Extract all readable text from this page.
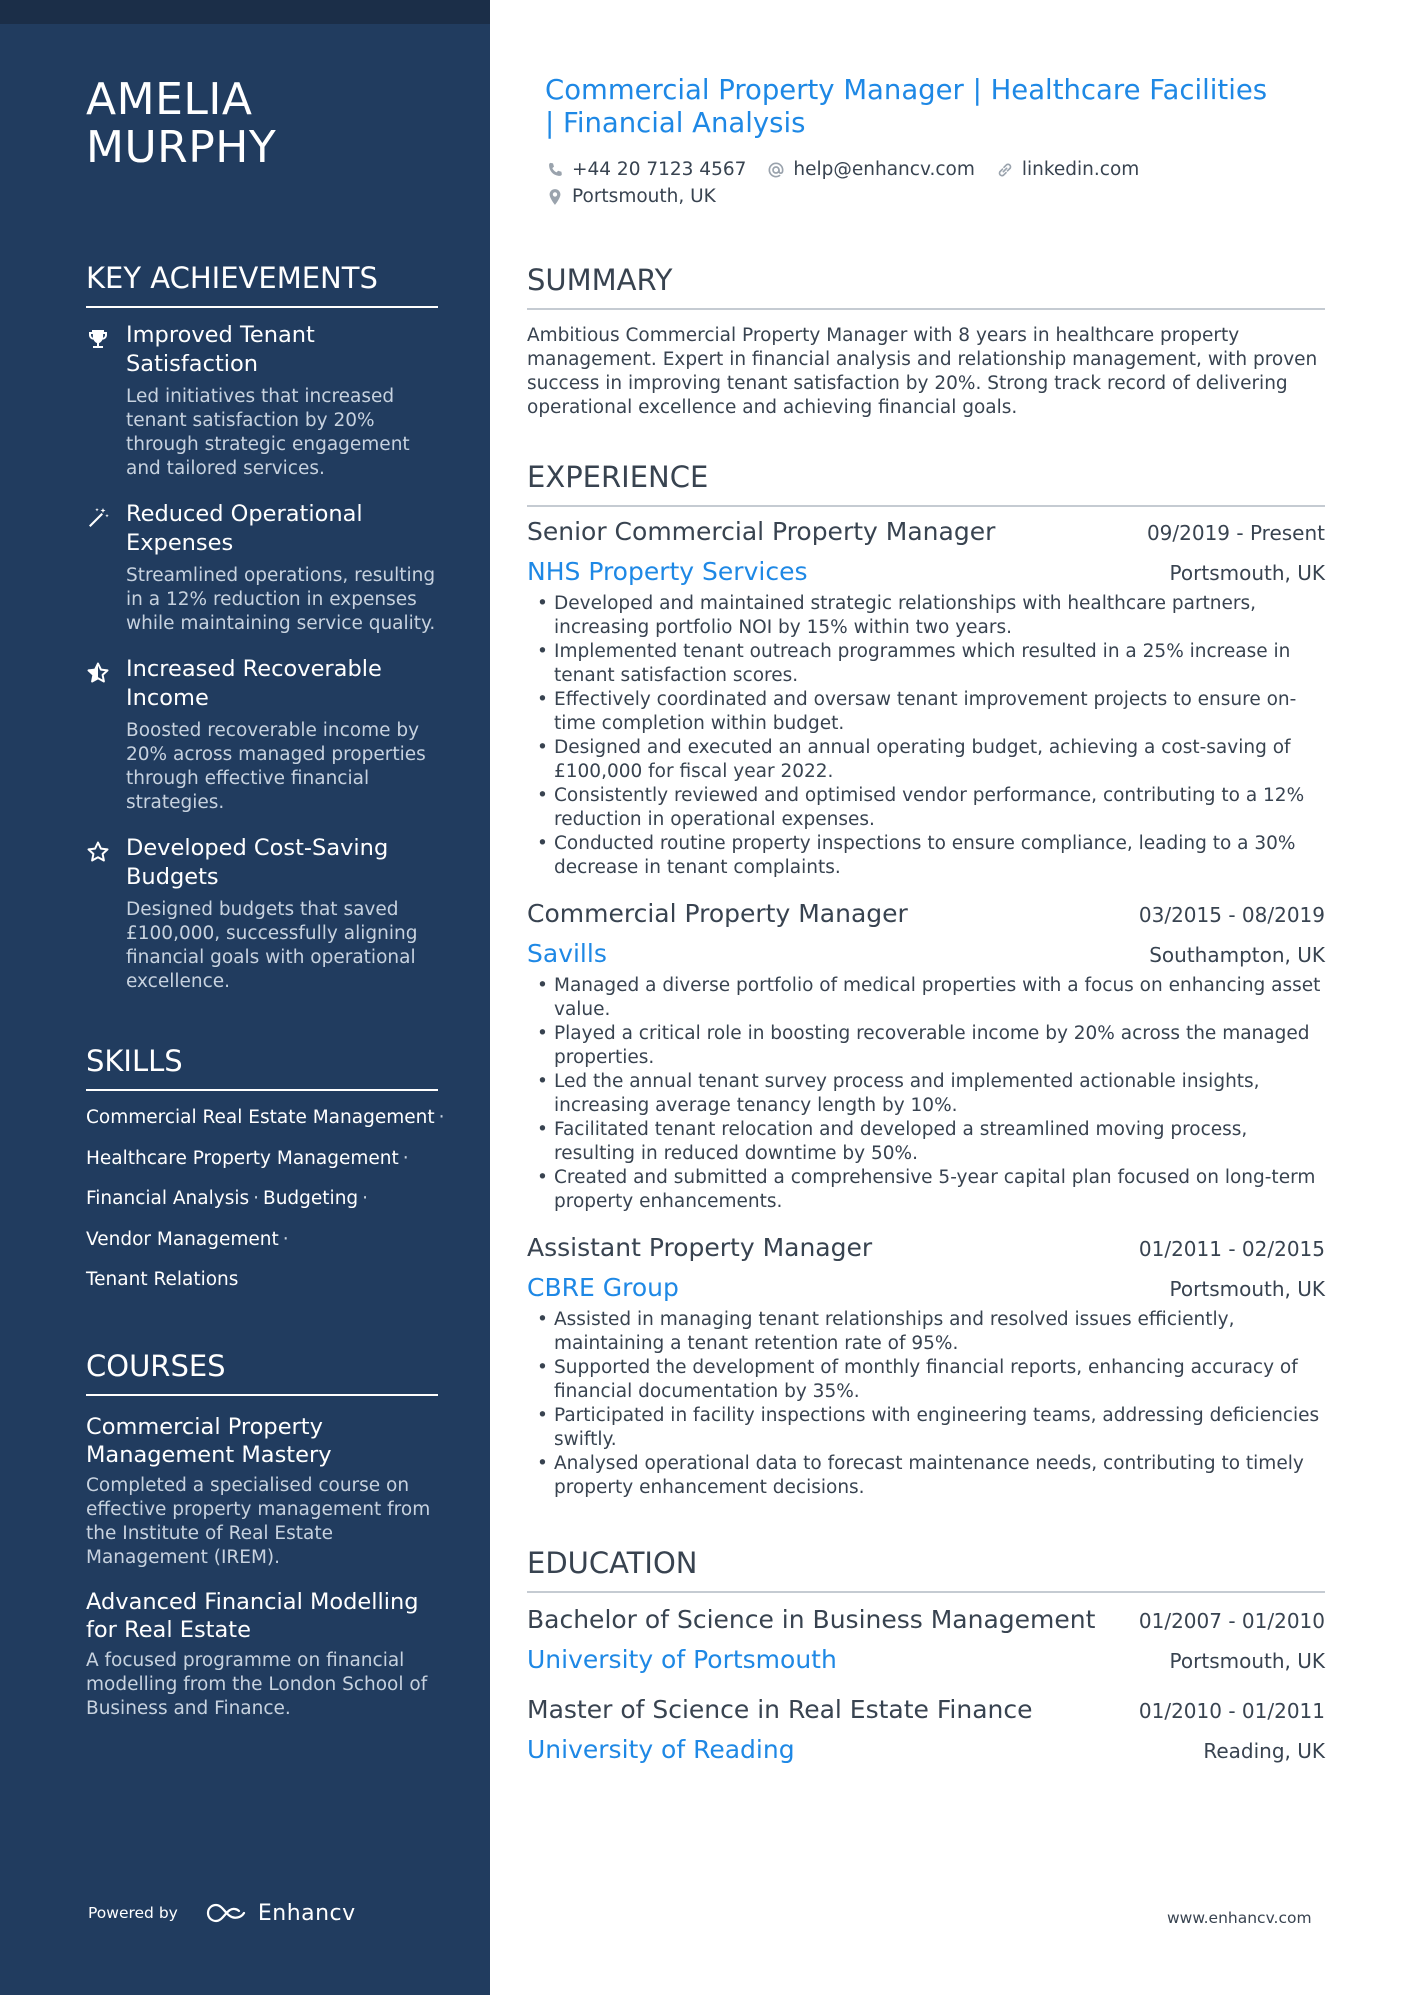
AMELIA MURPHY
KEY ACHIEVEMENTS
Improved Tenant Satisfaction
Led initiatives that increased tenant satisfaction by 20% through strategic engagement and tailored services.
Reduced Operational Expenses
Streamlined operations, resulting in a 12% reduction in expenses while maintaining service quality.
Increased Recoverable Income
Boosted recoverable income by 20% across managed properties through effective financial strategies.
Developed Cost-Saving Budgets
Designed budgets that saved £100,000, successfully aligning financial goals with operational excellence.
SKILLS
Commercial Real Estate Management ·
Healthcare Property Management ·
Financial Analysis · Budgeting ·
Vendor Management ·
Tenant Relations
COURSES
Commercial Property Management Mastery
Completed a specialised course on effective property management from the Institute of Real Estate Management (IREM).
Advanced Financial Modelling for Real Estate
A focused programme on financial modelling from the London School of Business and Finance.
Powered by	Enhancv
Commercial Property Manager | Healthcare Facilities | Financial Analysis
+44 20 7123 4567	help@enhancv.com	linkedin.com
Portsmouth, UK
SUMMARY
Ambitious Commercial Property Manager with 8 years in healthcare property management. Expert in financial analysis and relationship management, with proven success in improving tenant satisfaction by 20%. Strong track record of delivering operational excellence and achieving financial goals.
EXPERIENCE
Senior Commercial Property Manager	09/2019 - Present
NHS Property Services	Portsmouth, UK
• Developed and maintained strategic relationships with healthcare partners, increasing portfolio NOI by 15% within two years.
• Implemented tenant outreach programmes which resulted in a 25% increase in tenant satisfaction scores.
• Effectively coordinated and oversaw tenant improvement projects to ensure on-time completion within budget.
• Designed and executed an annual operating budget, achieving a cost-saving of £100,000 for fiscal year 2022.
• Consistently reviewed and optimised vendor performance, contributing to a 12% reduction in operational expenses.
• Conducted routine property inspections to ensure compliance, leading to a 30% decrease in tenant complaints.
Commercial Property Manager	03/2015 - 08/2019
Savills	Southampton, UK
• Managed a diverse portfolio of medical properties with a focus on enhancing asset value.
• Played a critical role in boosting recoverable income by 20% across the managed properties.
• Led the annual tenant survey process and implemented actionable insights, increasing average tenancy length by 10%.
• Facilitated tenant relocation and developed a streamlined moving process, resulting in reduced downtime by 50%.
• Created and submitted a comprehensive 5-year capital plan focused on long-term property enhancements.
Assistant Property Manager	01/2011 - 02/2015
CBRE Group	Portsmouth, UK
• Assisted in managing tenant relationships and resolved issues efficiently, maintaining a tenant retention rate of 95%.
• Supported the development of monthly financial reports, enhancing accuracy of financial documentation by 35%.
• Participated in facility inspections with engineering teams, addressing deficiencies swiftly.
• Analysed operational data to forecast maintenance needs, contributing to timely property enhancement decisions.
EDUCATION
Bachelor of Science in Business Management 01/2007 - 01/2010
University of Portsmouth	Portsmouth, UK
Master of Science in Real Estate Finance	01/2010 - 01/2011
University of Reading	Reading, UK
www.enhancv.com
